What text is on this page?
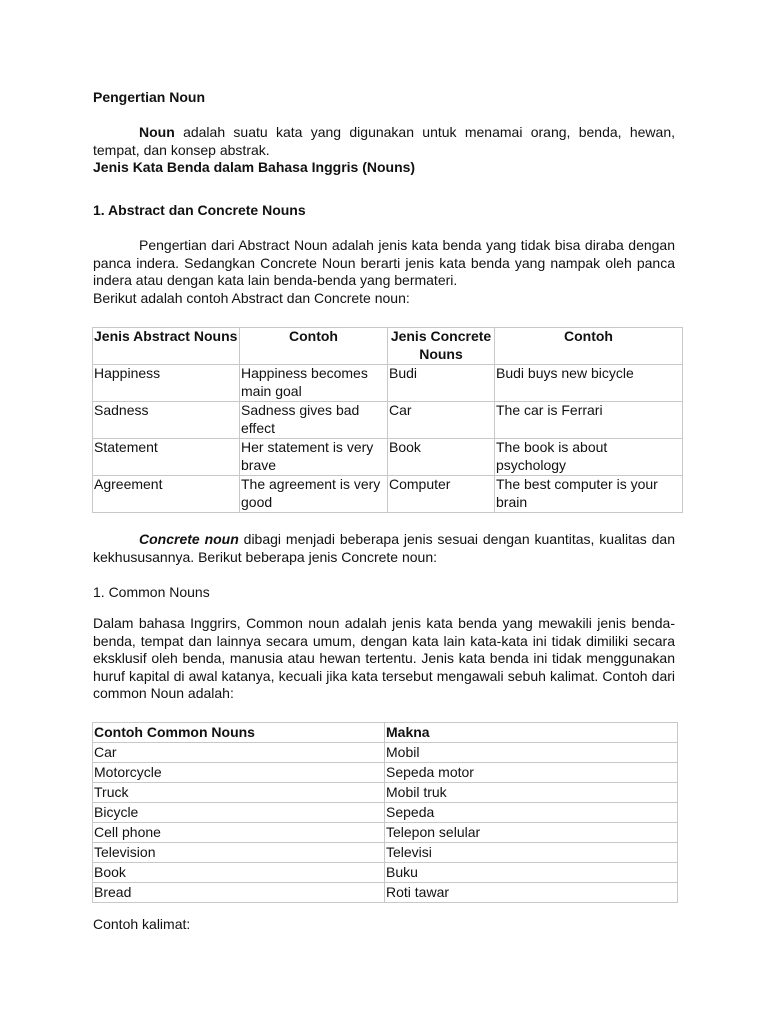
Pengertian Noun

Noun adalah suatu kata yang digunakan untuk menamai orang, benda, hewan, tempat, dan konsep abstrak.

Jenis Kata Benda dalam Bahasa Inggris (Nouns)

1. Abstract dan Concrete Nouns

Pengertian dari Abstract Noun adalah jenis kata benda yang tidak bisa diraba dengan panca indera. Sedangkan Concrete Noun berarti jenis kata benda yang nampak oleh panca indera atau dengan kata lain benda-benda yang bermateri.

Berikut adalah contoh Abstract dan Concrete noun:

Jenis Abstract Nouns	Contoh	Jenis Concrete Nouns	Contoh
Happiness	Happiness becomes main goal	Budi	Budi buys new bicycle
Sadness	Sadness gives bad effect	Car	The car is Ferrari
Statement	Her statement is very brave	Book	The book is about psychology
Agreement	The agreement is very good	Computer	The best computer is your brain

Concrete noun dibagi menjadi beberapa jenis sesuai dengan kuantitas, kualitas dan kekhususannya. Berikut beberapa jenis Concrete noun:

1. Common Nouns

Dalam bahasa Inggrirs, Common noun adalah jenis kata benda yang mewakili jenis benda-benda, tempat dan lainnya secara umum, dengan kata lain kata-kata ini tidak dimiliki secara eksklusif oleh benda, manusia atau hewan tertentu. Jenis kata benda ini tidak menggunakan huruf kapital di awal katanya, kecuali jika kata tersebut mengawali sebuh kalimat. Contoh dari common Noun adalah:

Contoh Common Nouns	Makna
Car	Mobil
Motorcycle	Sepeda motor
Truck	Mobil truk
Bicycle	Sepeda
Cell phone	Telepon selular
Television	Televisi
Book	Buku
Bread	Roti tawar

Contoh kalimat:
